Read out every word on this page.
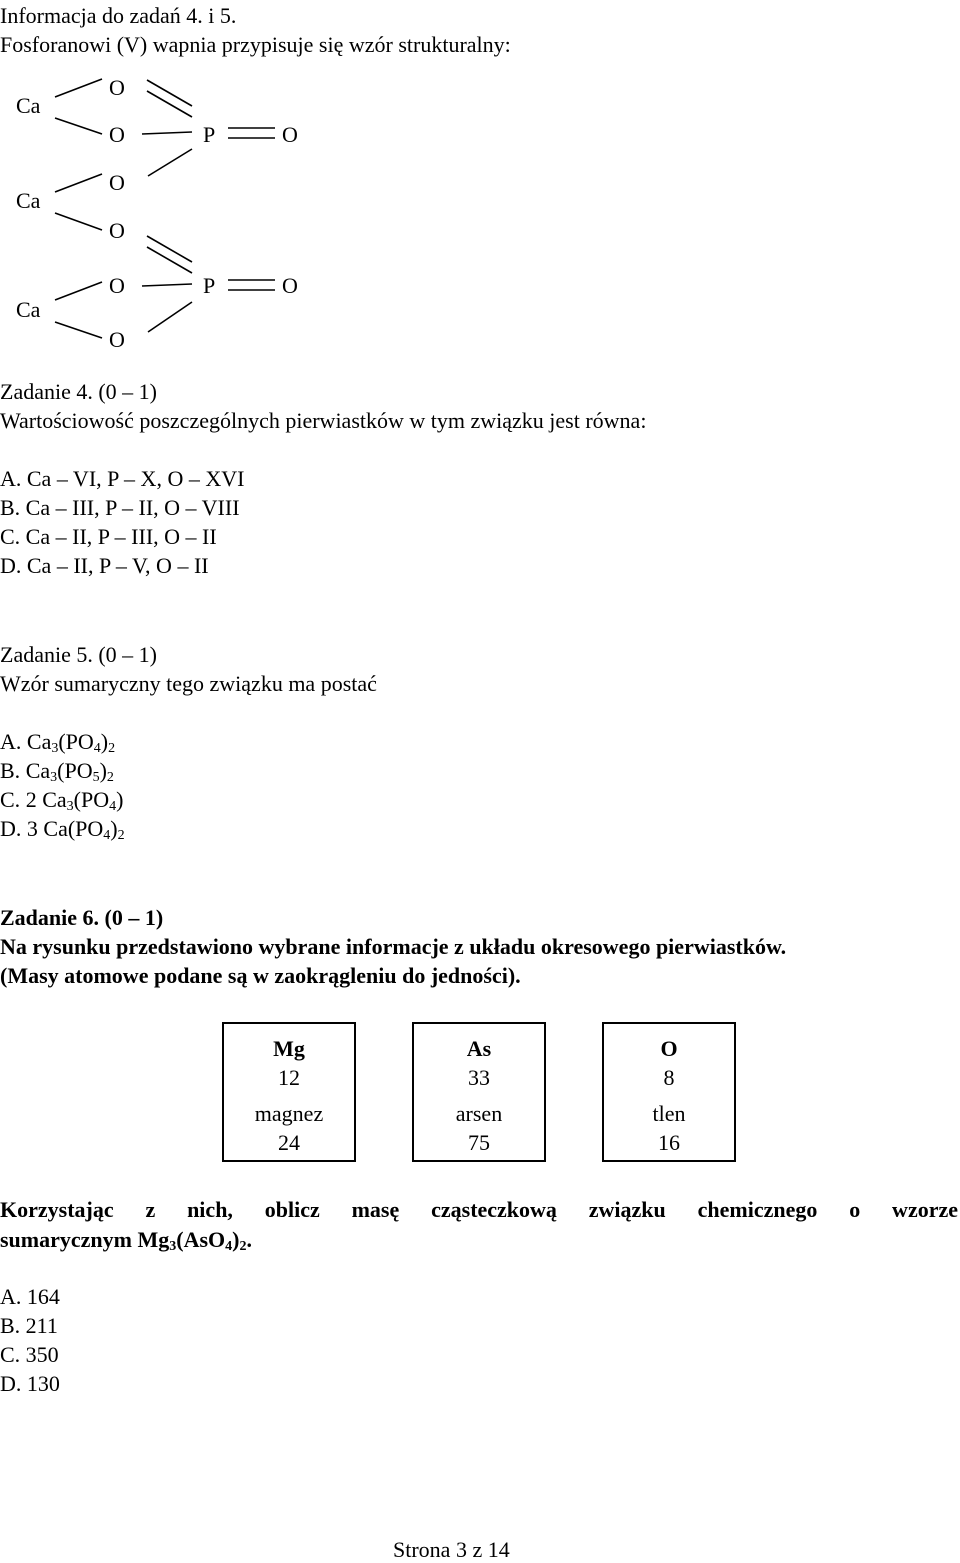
Informacja do zadań 4. i 5.
Fosforanowi (V) wapnia przypisuje się wzór strukturalny:
Ca
O
O	P	O
Ca
O
O
O	P	O
Ca
O
Zadanie 4. (0 – 1)
Wartościowość poszczególnych pierwiastków w tym związku jest równa:
A. Ca – VI, P – X, O – XVI
B. Ca – III, P – II, O – VIII
C. Ca – II, P – III, O – II
D. Ca – II, P – V, O – II
Zadanie 5. (0 – 1)
Wzór sumaryczny tego związku ma postać
A. $Ca_3(PO_4)_2$
B. $Ca_3(PO_5)_2$
C. 2 $Ca_3(PO_4)$
D. 3 $Ca(PO_4)_2$
Zadanie 6. (0 – 1)
Na rysunku przedstawiono wybrane informacje z układu okresowego pierwiastków.
(Masy atomowe podane są w zaokrągleniu do jedności).
Mg
12
magnez
24
As
33
arsen
75
O
8
tlen
16
Korzystając z nich, oblicz masę cząsteczkową związku chemicznego o wzorze
sumarycznym $Mg_3(AsO_4)_2$.
A. 164
B. 211
C. 350
D. 130
Strona 3 z 14
